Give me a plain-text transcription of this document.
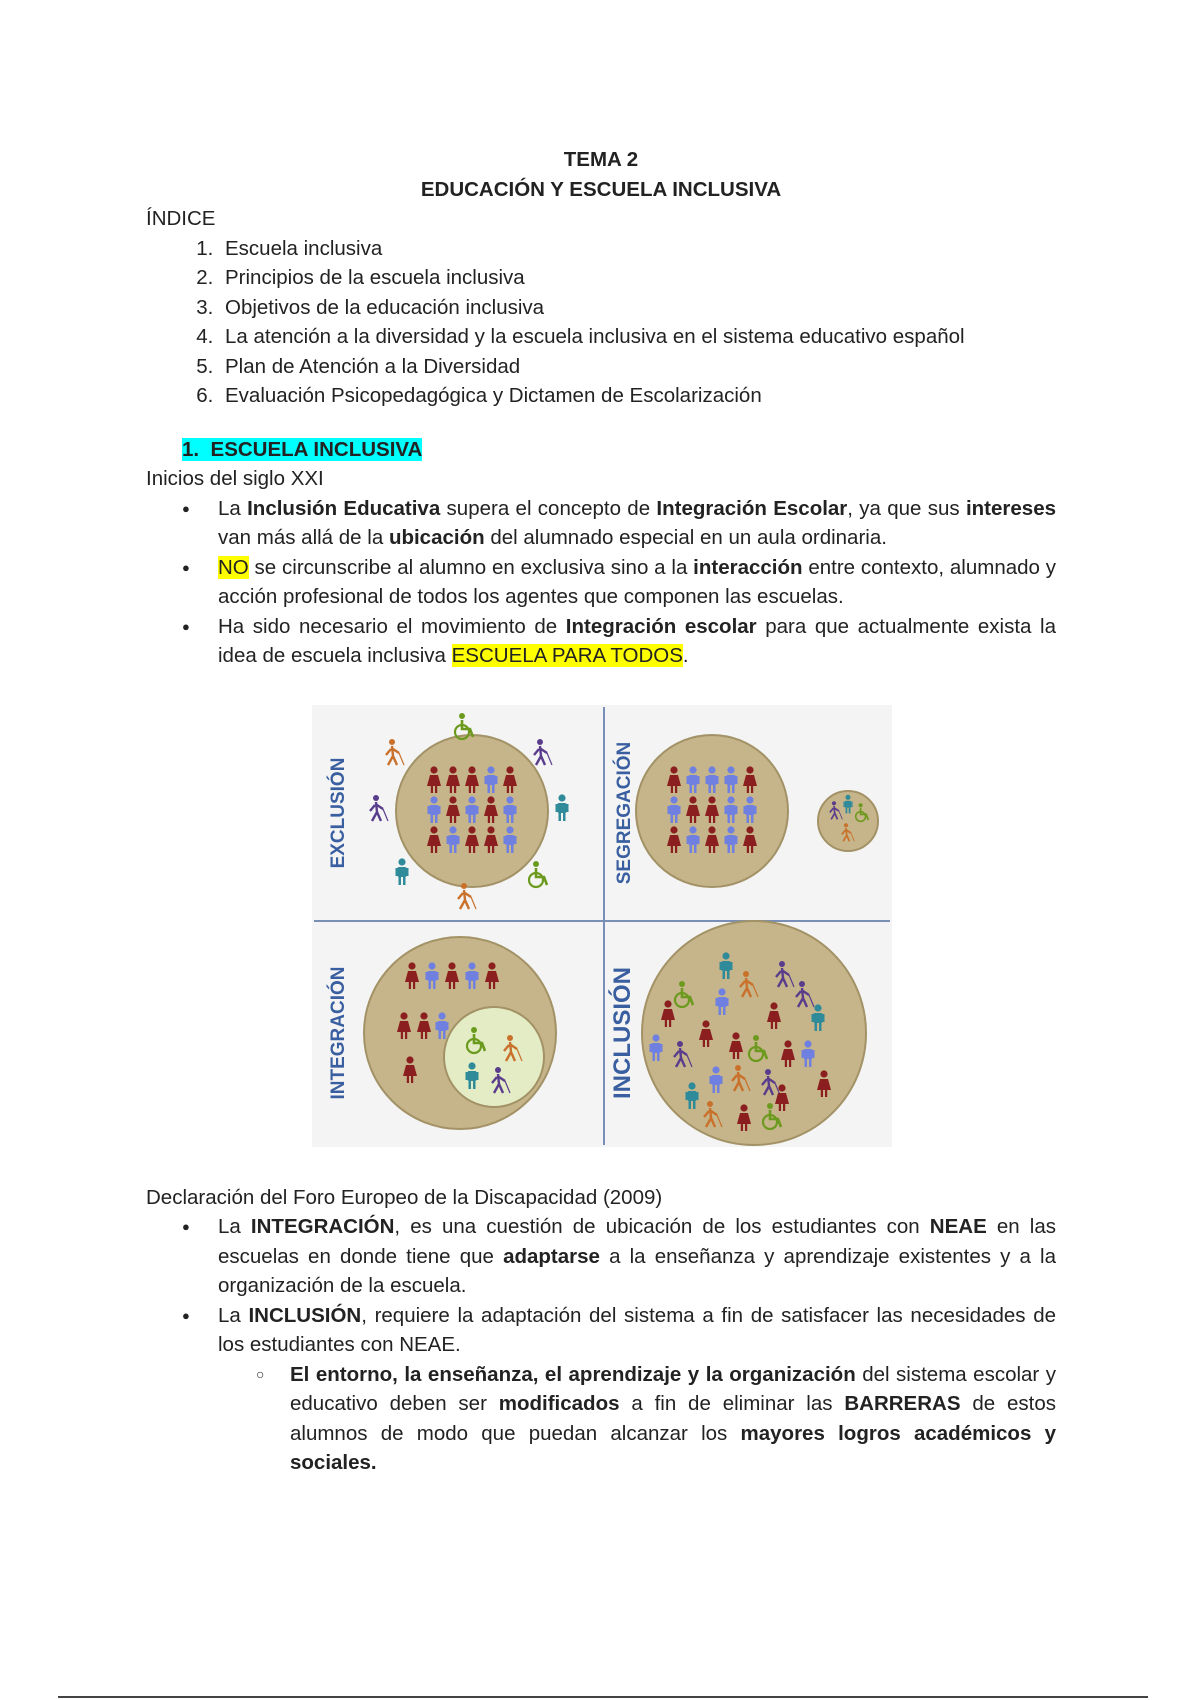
TEMA 2
EDUCACIÓN Y ESCUELA INCLUSIVA

ÍNDICE

1. Escuela inclusiva
2. Principios de la escuela inclusiva
3. Objetivos de la educación inclusiva
4. La atención a la diversidad y la escuela inclusiva en el sistema educativo español
5. Plan de Atención a la Diversidad
6. Evaluación Psicopedagógica y Dictamen de Escolarización
1. ESCUELA INCLUSIVA

Inicios del siglo XXI

● La Inclusión Educativa supera el concepto de Integración Escolar, ya que sus intereses van más allá de la ubicación del alumnado especial en un aula ordinaria.
● NO se circunscribe al alumno en exclusiva sino a la interacción entre contexto, alumnado y acción profesional de todos los agentes que componen las escuelas.
● Ha sido necesario el movimiento de Integración escolar para que actualmente exista la idea de escuela inclusiva ESCUELA PARA TODOS.
EXCLUSIÓN	SEGREGACIÓN
INTEGRACIÓN	INCLUSIÓN

Declaración del Foro Europeo de la Discapacidad (2009)

● La INTEGRACIÓN, es una cuestión de ubicación de los estudiantes con NEAE en las escuelas en donde tiene que adaptarse a la enseñanza y aprendizaje existentes y a la organización de la escuela.
● La INCLUSIÓN, requiere la adaptación del sistema a fin de satisfacer las necesidades de los estudiantes con NEAE.
○ El entorno, la enseñanza, el aprendizaje y la organización del sistema escolar y educativo deben ser modificados a fin de eliminar las BARRERAS de estos alumnos de modo que puedan alcanzar los mayores logros académicos y sociales.
